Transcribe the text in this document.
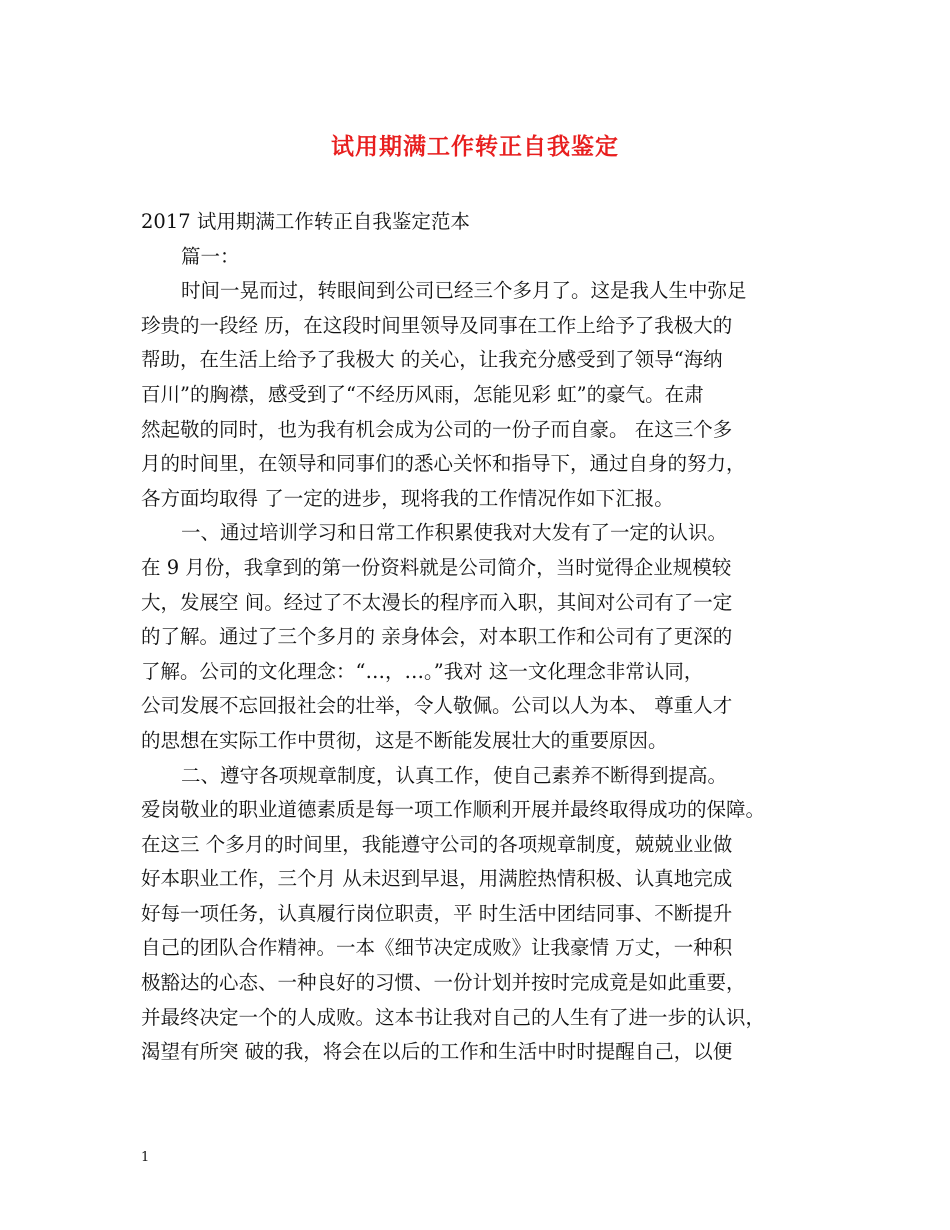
试用期满工作转正自我鉴定
2017 试用期满工作转正自我鉴定范本
篇一：
时间一晃而过，转眼间到公司已经三个多月了。这是我人生中弥足
珍贵的一段经 历，在这段时间里领导及同事在工作上给予了我极大的
帮助，在生活上给予了我极大 的关心，让我充分感受到了领导“海纳
百川”的胸襟，感受到了“不经历风雨，怎能见彩 虹”的豪气。在肃
然起敬的同时，也为我有机会成为公司的一份子而自豪。 在这三个多
月的时间里，在领导和同事们的悉心关怀和指导下，通过自身的努力，
各方面均取得 了一定的进步，现将我的工作情况作如下汇报。
一、通过培训学习和日常工作积累使我对大发有了一定的认识。
在 9 月份，我拿到的第一份资料就是公司简介，当时觉得企业规模较
大，发展空 间。经过了不太漫长的程序而入职，其间对公司有了一定
的了解。通过了三个多月的 亲身体会，对本职工作和公司有了更深的
了解。公司的文化理念：“…，…。”我对 这一文化理念非常认同，
公司发展不忘回报社会的壮举，令人敬佩。公司以人为本、 尊重人才
的思想在实际工作中贯彻，这是不断能发展壮大的重要原因。
二、遵守各项规章制度，认真工作，使自己素养不断得到提高。
爱岗敬业的职业道德素质是每一项工作顺利开展并最终取得成功的保障。
在这三 个多月的时间里，我能遵守公司的各项规章制度，兢兢业业做
好本职业工作，三个月 从未迟到早退，用满腔热情积极、认真地完成
好每一项任务，认真履行岗位职责，平 时生活中团结同事、不断提升
自己的团队合作精神。一本《细节决定成败》让我豪情 万丈，一种积
极豁达的心态、一种良好的习惯、一份计划并按时完成竟是如此重要，
并最终决定一个的人成败。这本书让我对自己的人生有了进一步的认识，
渴望有所突 破的我，将会在以后的工作和生活中时时提醒自己，以便
1
